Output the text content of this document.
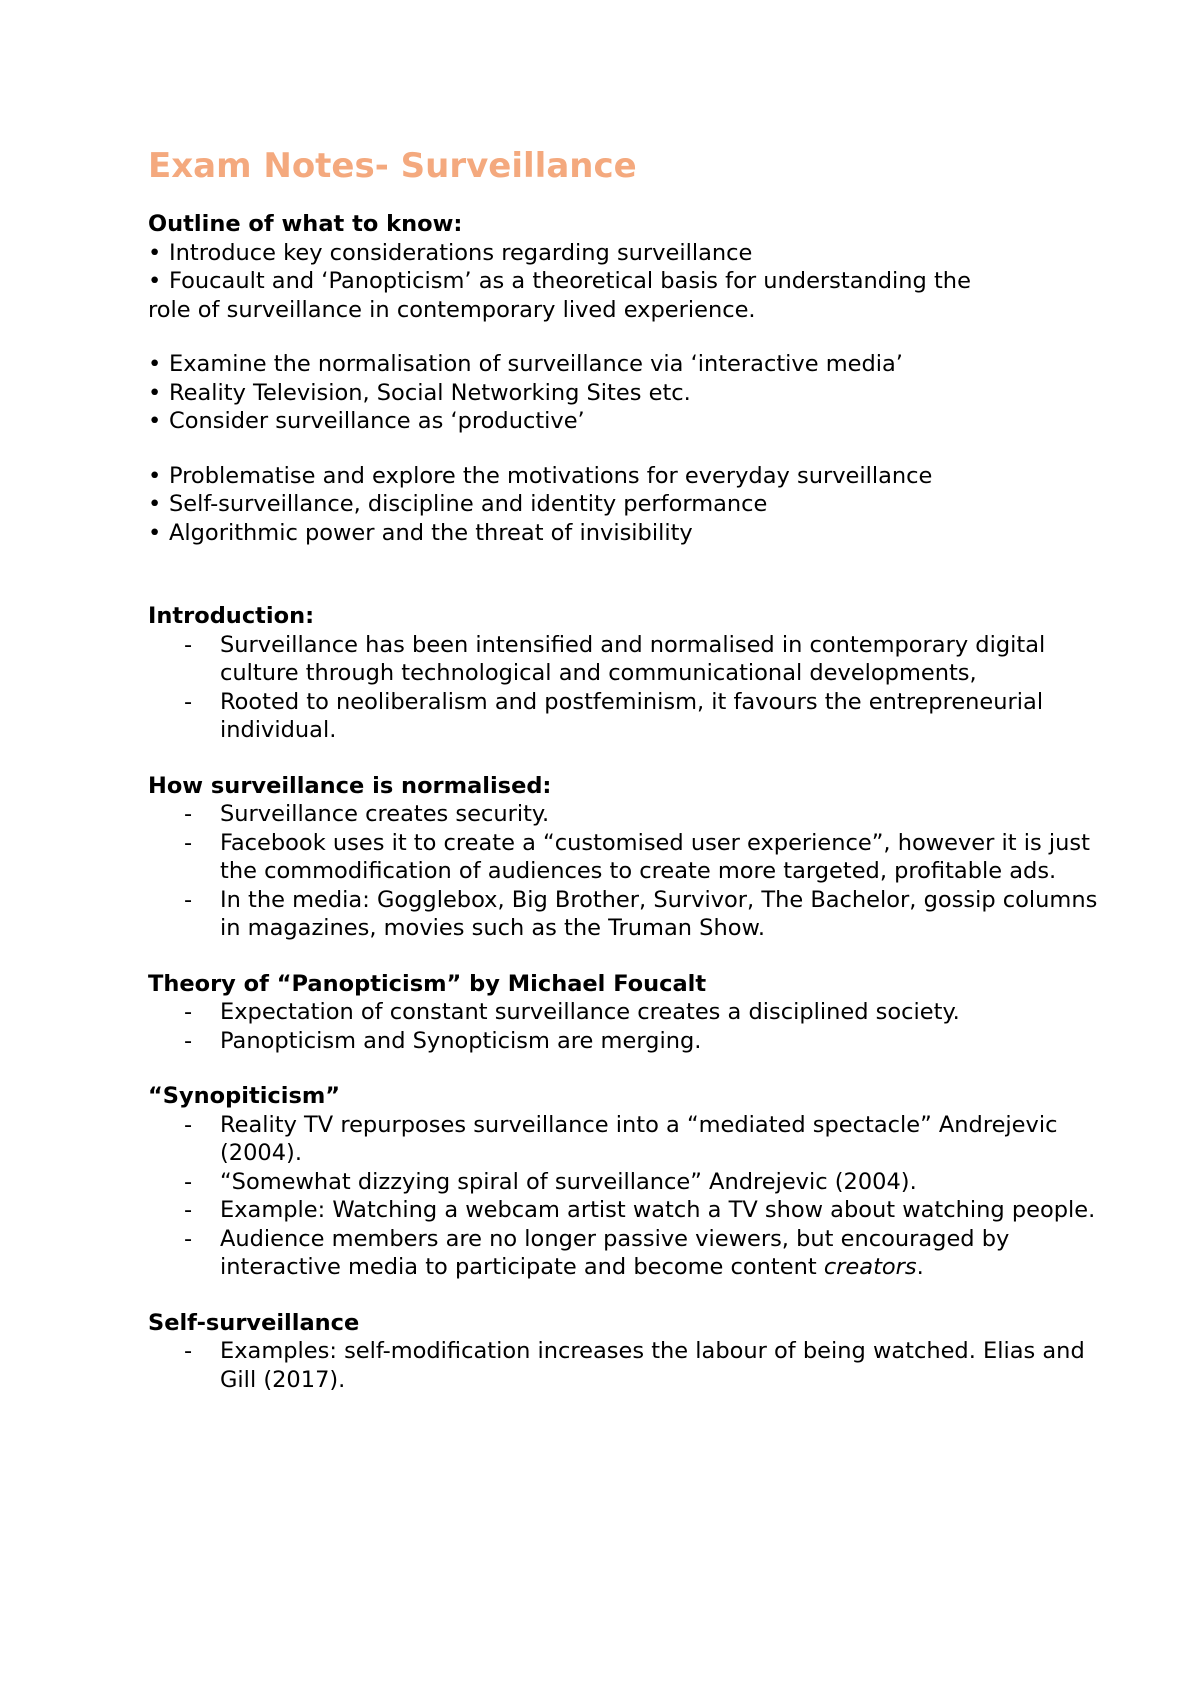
Exam Notes- Surveillance

Outline of what to know:

• Introduce key considerations regarding surveillance

• Foucault and ‘Panopticism’ as a theoretical basis for understanding the

role of surveillance in contemporary lived experience.

• Examine the normalisation of surveillance via ‘interactive media’

• Reality Television, Social Networking Sites etc.

• Consider surveillance as ‘productive’

• Problematise and explore the motivations for everyday surveillance

• Self-surveillance, discipline and identity performance

• Algorithmic power and the threat of invisibility

Introduction:

- Surveillance has been intensified and normalised in contemporary digital culture through technological and communicational developments,
- Rooted to neoliberalism and postfeminism, it favours the entrepreneurial individual.

How surveillance is normalised:

- Surveillance creates security.
- Facebook uses it to create a “customised user experience”, however it is just the commodification of audiences to create more targeted, profitable ads.
- In the media: Gogglebox, Big Brother, Survivor, The Bachelor, gossip columns in magazines, movies such as the Truman Show.

Theory of “Panopticism” by Michael Foucalt

- Expectation of constant surveillance creates a disciplined society.
- Panopticism and Synopticism are merging.

“Synopiticism”

- Reality TV repurposes surveillance into a “mediated spectacle” Andrejevic (2004).
- “Somewhat dizzying spiral of surveillance” Andrejevic (2004).
- Example: Watching a webcam artist watch a TV show about watching people.
- Audience members are no longer passive viewers, but encouraged by interactive media to participate and become content creators.

Self-surveillance

- Examples: self-modification increases the labour of being watched. Elias and Gill (2017).
